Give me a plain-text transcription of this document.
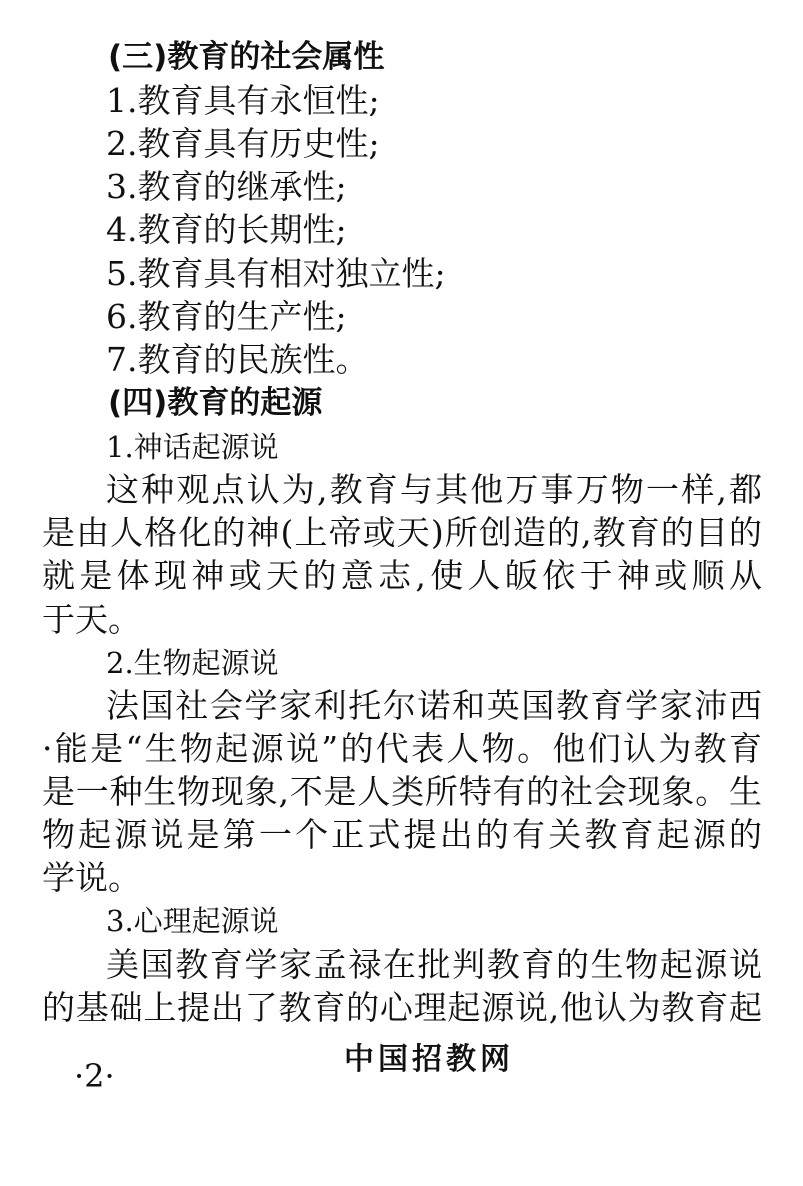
(三)教育的社会属性
1.教育具有永恒性;
2.教育具有历史性;
3.教育的继承性;
4.教育的长期性;
5.教育具有相对独立性;
6.教育的生产性;
7.教育的民族性。
(四)教育的起源
1.神话起源说
这种观点认为,教育与其他万事万物一样,都
是由人格化的神(上帝或天)所创造的,教育的目的
就是体现神或天的意志,使人皈依于神或顺从
于天。
2.生物起源说
法国社会学家利托尔诺和英国教育学家沛西
·能是“生物起源说”的代表人物。他们认为教育
是一种生物现象,不是人类所特有的社会现象。生
物起源说是第一个正式提出的有关教育起源的
学说。
3.心理起源说
美国教育学家孟禄在批判教育的生物起源说
的基础上提出了教育的心理起源说,他认为教育起
·2·	中国招教网
